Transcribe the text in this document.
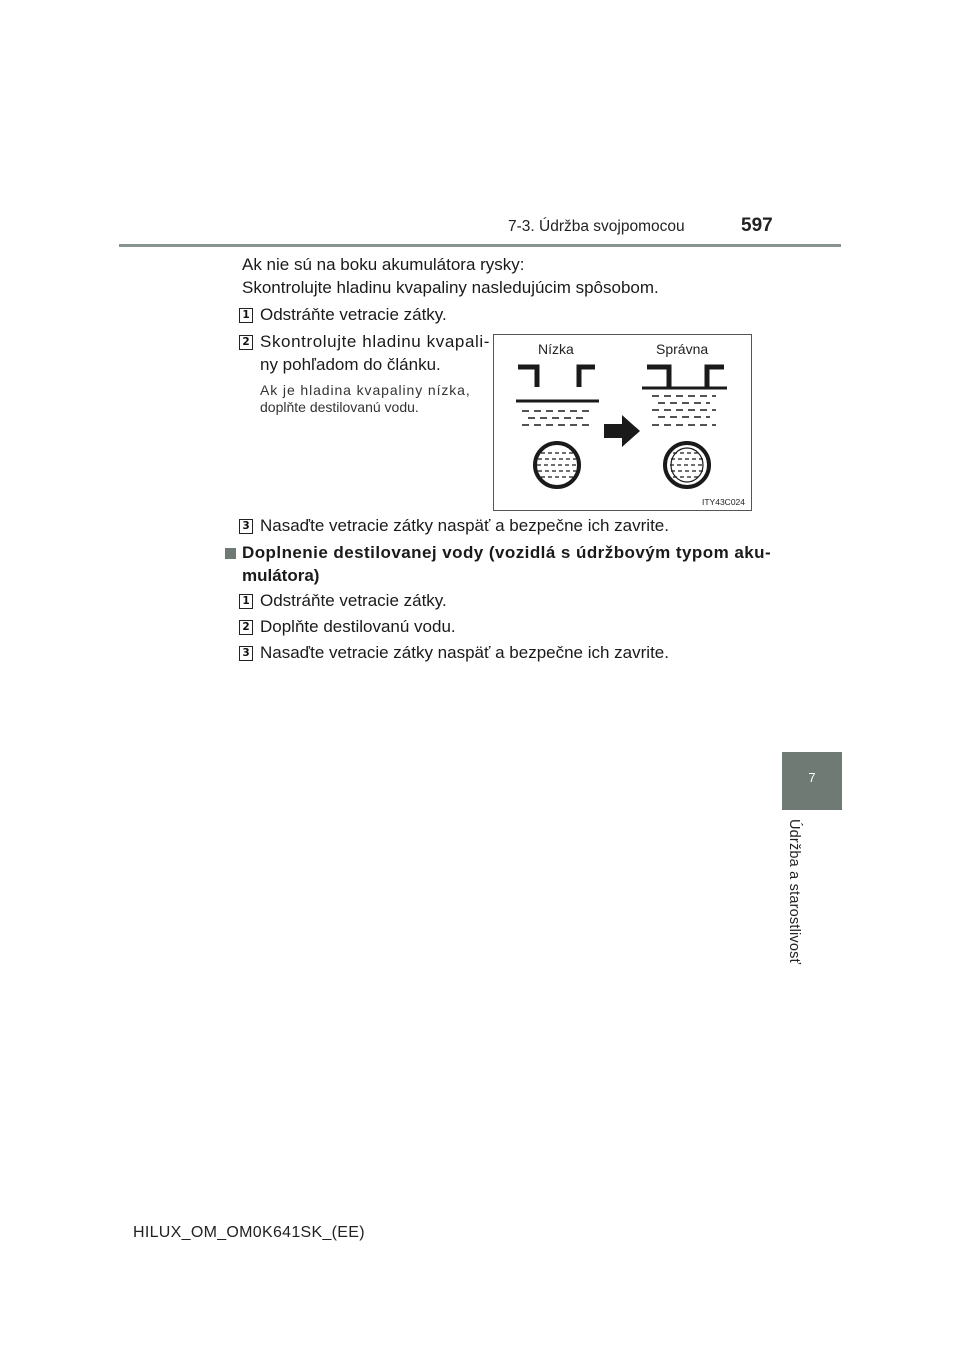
7-3. Údržba svojpomocou	597
7
Údržba a starostlivosť
Ak nie sú na boku akumulátora rysky:
Skontrolujte hladinu kvapaliny nasledujúcim spôsobom.
1 Odstráňte vetracie zátky.
2 Skontrolujte hladinu kvapali-
ny pohľadom do článku.
Ak je hladina kvapaliny nízka,
doplňte destilovanú vodu.
Nízka	Správna
ITY43C024
3 Nasaďte vetracie zátky naspäť a bezpečne ich zavrite.
Doplnenie destilovanej vody (vozidlá s údržbovým typom aku-
mulátora)
1 Odstráňte vetracie zátky.
2 Doplňte destilovanú vodu.
3 Nasaďte vetracie zátky naspäť a bezpečne ich zavrite.
HILUX_OM_OM0K641SK_(EE)
